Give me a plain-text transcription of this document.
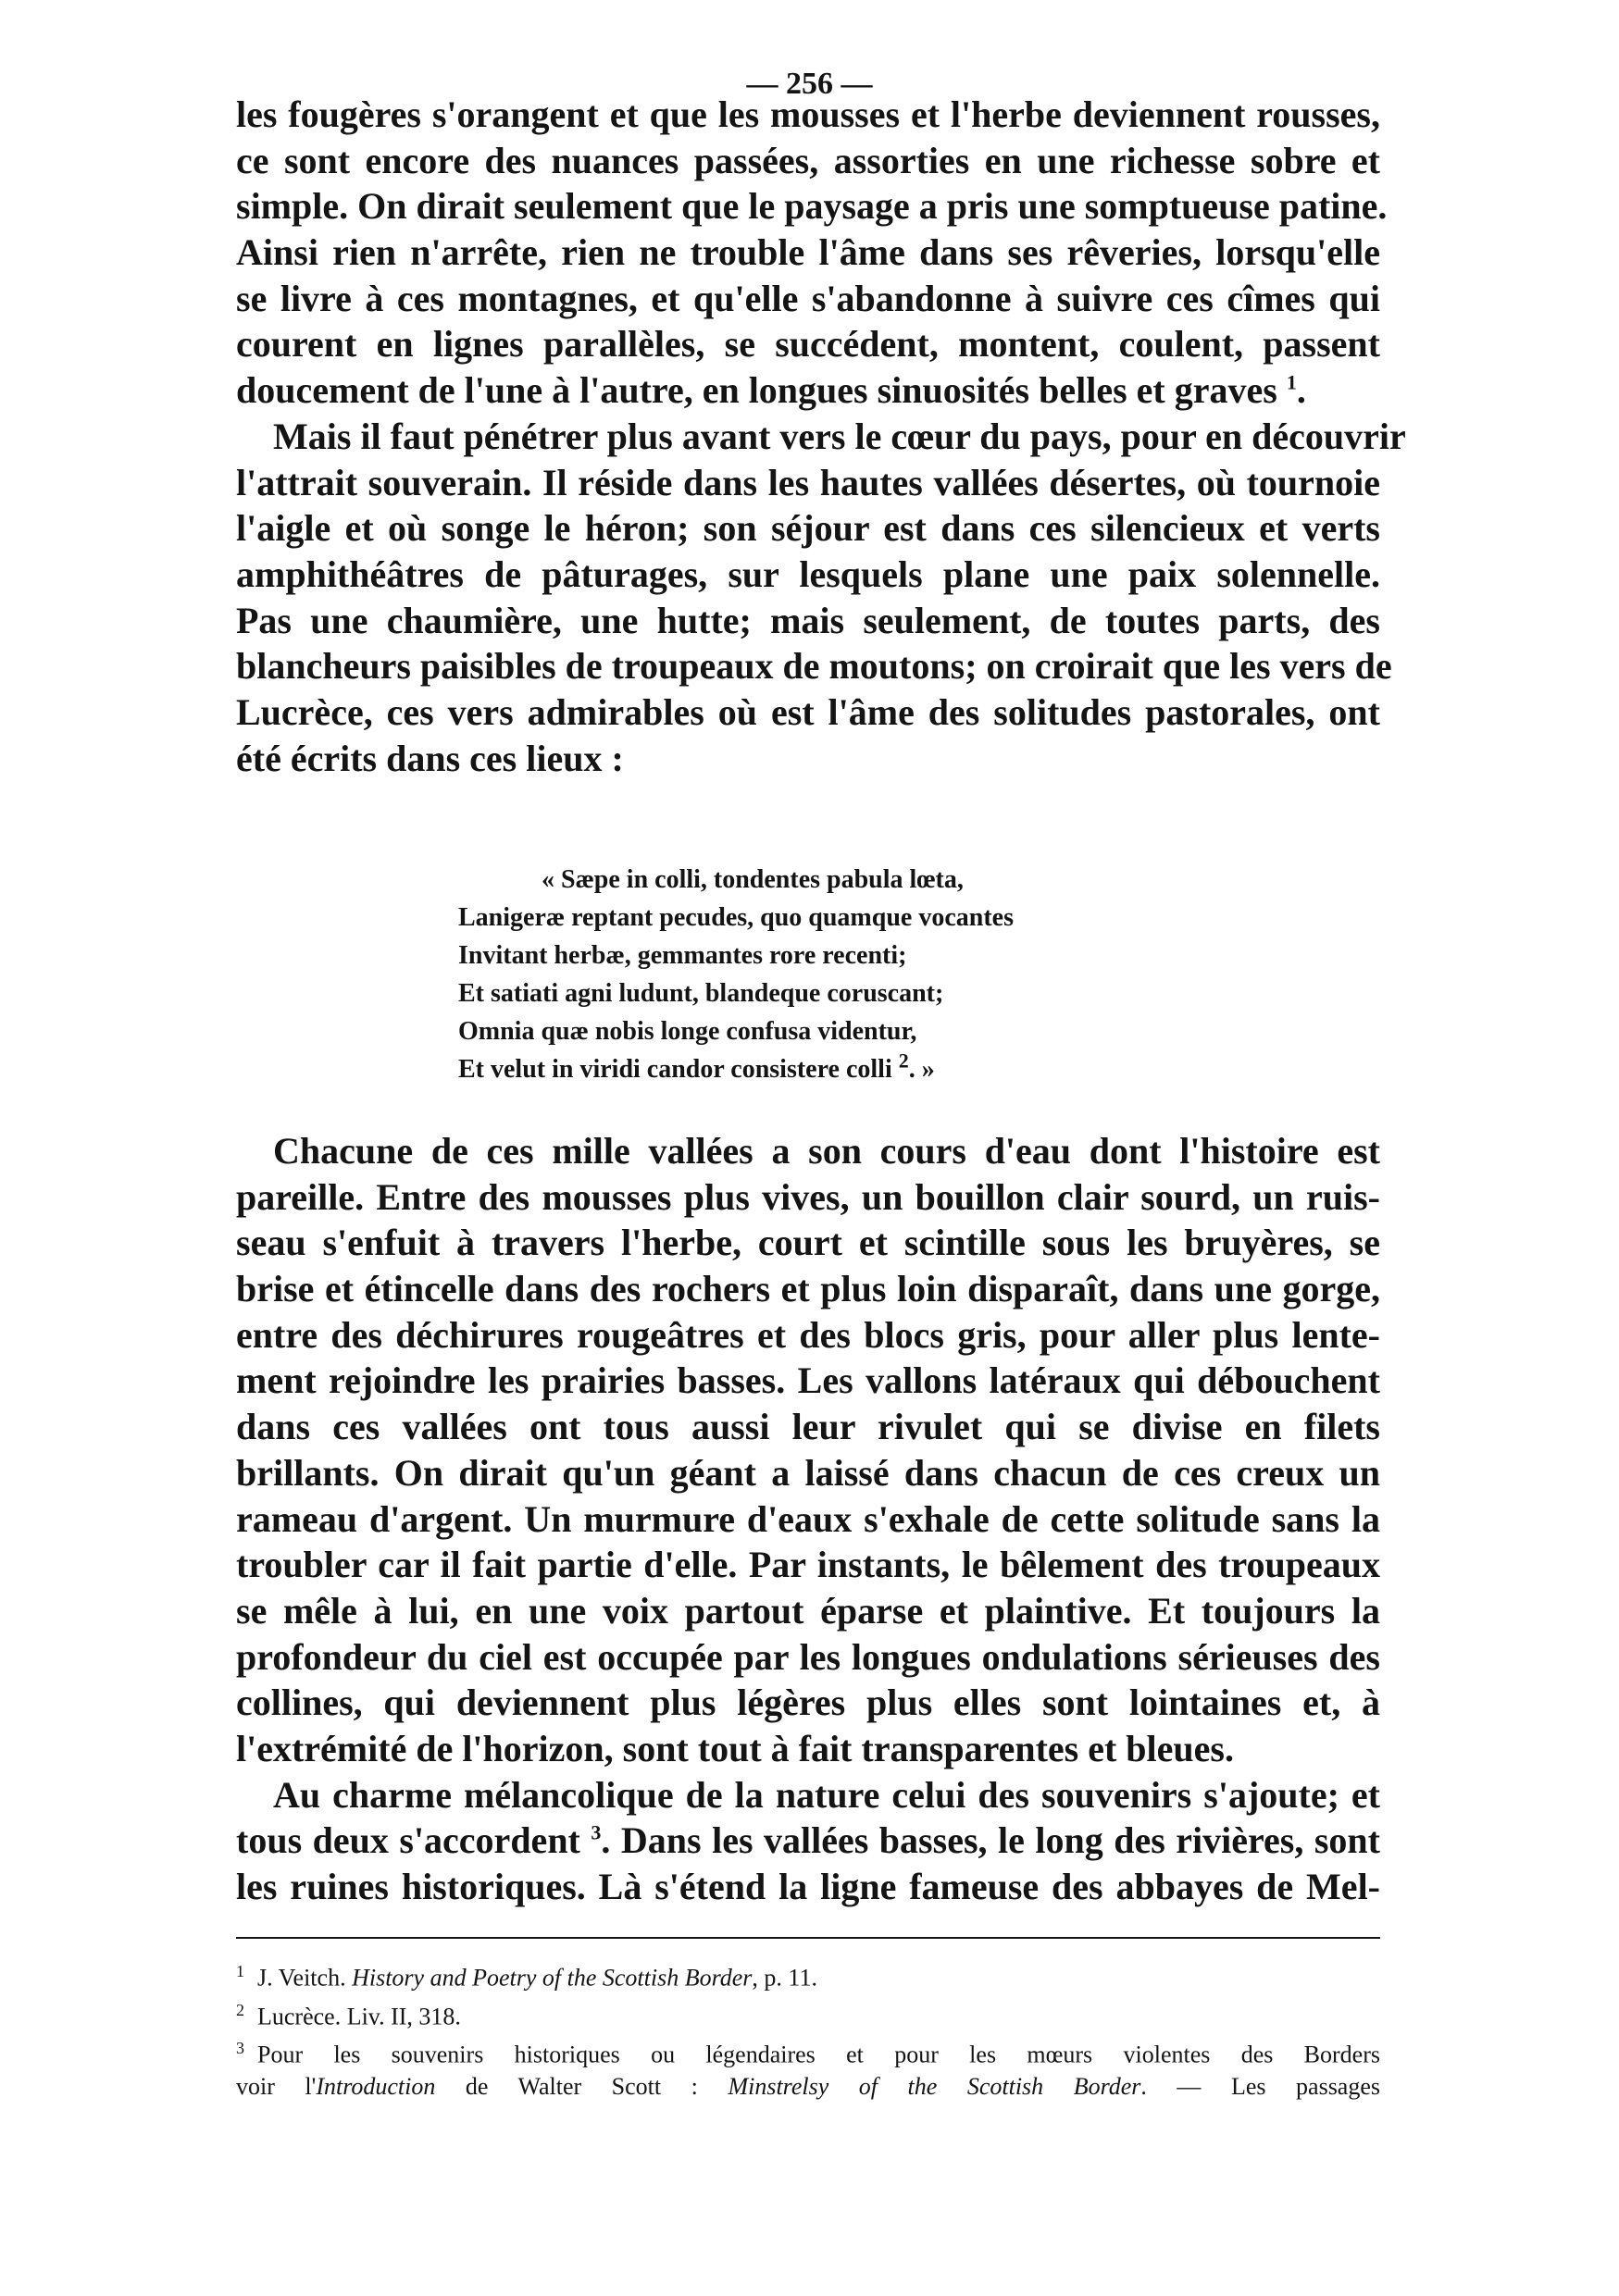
— 256 —
les fougères s'orangent et que les mousses et l'herbe deviennent rousses,
ce sont encore des nuances passées, assorties en une richesse sobre et
simple. On dirait seulement que le paysage a pris une somptueuse patine.
Ainsi rien n'arrête, rien ne trouble l'âme dans ses rêveries, lorsqu'elle
se livre à ces montagnes, et qu'elle s'abandonne à suivre ces cîmes qui
courent en lignes parallèles, se succédent, montent, coulent, passent
doucement de l'une à l'autre, en longues sinuosités belles et graves $^1$.
Mais il faut pénétrer plus avant vers le cœur du pays, pour en découvrir
l'attrait souverain. Il réside dans les hautes vallées désertes, où tournoie
l'aigle et où songe le héron; son séjour est dans ces silencieux et verts
amphithéâtres de pâturages, sur lesquels plane une paix solennelle.
Pas une chaumière, une hutte; mais seulement, de toutes parts, des
blancheurs paisibles de troupeaux de moutons; on croirait que les vers de
Lucrèce, ces vers admirables où est l'âme des solitudes pastorales, ont
été écrits dans ces lieux :
« Sæpe in colli, tondentes pabula lœta,
Lanigeræ reptant pecudes, quo quamque vocantes
Invitant herbæ, gemmantes rore recenti;
Et satiati agni ludunt, blandeque coruscant;
Omnia quæ nobis longe confusa videntur,
Et velut in viridi candor consistere colli $^2$. »
Chacune de ces mille vallées a son cours d'eau dont l'histoire est
pareille. Entre des mousses plus vives, un bouillon clair sourd, un ruis-
seau s'enfuit à travers l'herbe, court et scintille sous les bruyères, se
brise et étincelle dans des rochers et plus loin disparaît, dans une gorge,
entre des déchirures rougeâtres et des blocs gris, pour aller plus lente-
ment rejoindre les prairies basses. Les vallons latéraux qui débouchent
dans ces vallées ont tous aussi leur rivulet qui se divise en filets
brillants. On dirait qu'un géant a laissé dans chacun de ces creux un
rameau d'argent. Un murmure d'eaux s'exhale de cette solitude sans la
troubler car il fait partie d'elle. Par instants, le bêlement des troupeaux
se mêle à lui, en une voix partout éparse et plaintive. Et toujours la
profondeur du ciel est occupée par les longues ondulations sérieuses des
collines, qui deviennent plus légères plus elles sont lointaines et, à
l'extrémité de l'horizon, sont tout à fait transparentes et bleues.
Au charme mélancolique de la nature celui des souvenirs s'ajoute; et
tous deux s'accordent $^3$. Dans les vallées basses, le long des rivières, sont
les ruines historiques. Là s'étend la ligne fameuse des abbayes de Mel-
$^1$ J. Veitch. History and Poetry of the Scottish Border, p. 11.
$^2$ Lucrèce. Liv. II, 318.
$^3$ Pour les souvenirs historiques ou légendaires et pour les mœurs violentes des Borders
voir l'Introduction de Walter Scott : Minstrelsy of the Scottish Border. — Les passages
